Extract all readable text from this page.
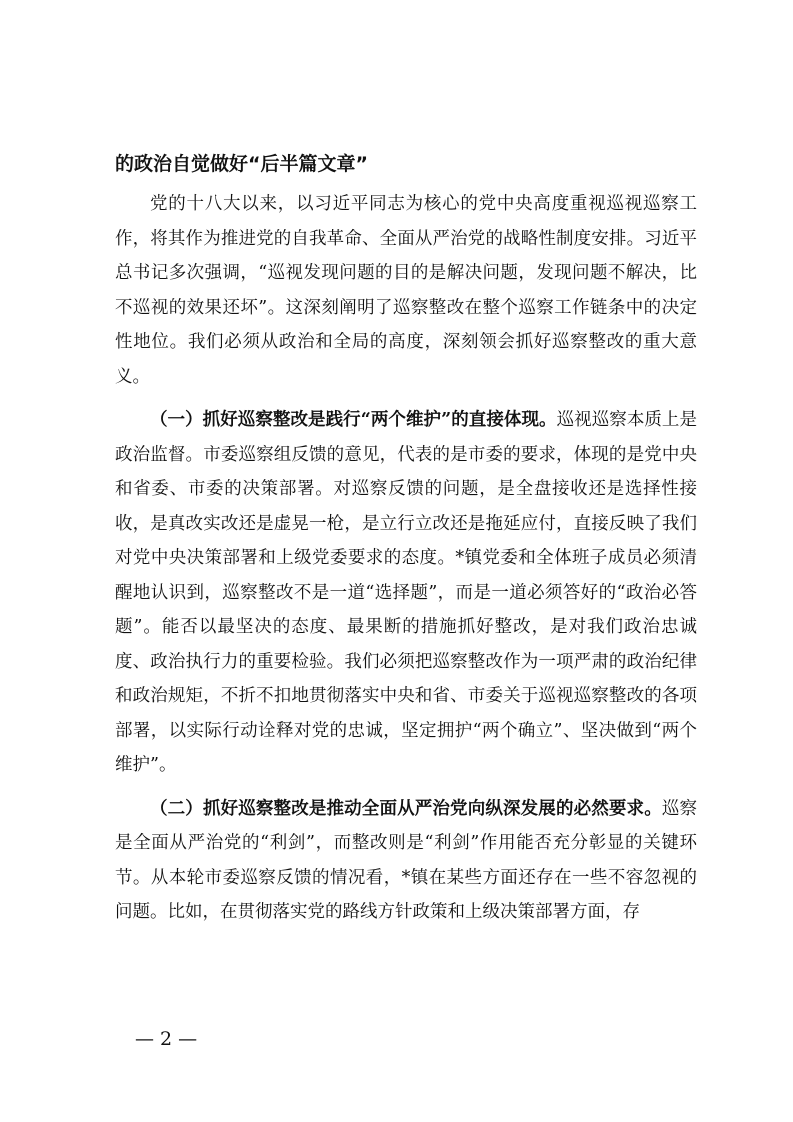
的政治自觉做好“后半篇文章”

党的十八大以来，以习近平同志为核心的党中央高度重视巡视巡察工作，将其作为推进党的自我革命、全面从严治党的战略性制度安排。习近平总书记多次强调，“巡视发现问题的目的是解决问题，发现问题不解决，比不巡视的效果还坏”。这深刻阐明了巡察整改在整个巡察工作链条中的决定性地位。我们必须从政治和全局的高度，深刻领会抓好巡察整改的重大意义。

（一）抓好巡察整改是践行“两个维护”的直接体现。巡视巡察本质上是政治监督。市委巡察组反馈的意见，代表的是市委的要求，体现的是党中央和省委、市委的决策部署。对巡察反馈的问题，是全盘接收还是选择性接收，是真改实改还是虚晃一枪，是立行立改还是拖延应付，直接反映了我们对党中央决策部署和上级党委要求的态度。*镇党委和全体班子成员必须清醒地认识到，巡察整改不是一道“选择题”，而是一道必须答好的“政治必答题”。能否以最坚决的态度、最果断的措施抓好整改，是对我们政治忠诚度、政治执行力的重要检验。我们必须把巡察整改作为一项严肃的政治纪律和政治规矩，不折不扣地贯彻落实中央和省、市委关于巡视巡察整改的各项部署，以实际行动诠释对党的忠诚，坚定拥护“两个确立”、坚决做到“两个维护”。

（二）抓好巡察整改是推动全面从严治党向纵深发展的必然要求。巡察是全面从严治党的“利剑”，而整改则是“利剑”作用能否充分彰显的关键环节。从本轮市委巡察反馈的情况看，*镇在某些方面还存在一些不容忽视的问题。比如，在贯彻落实党的路线方针政策和上级决策部署方面，存

— 2 —
